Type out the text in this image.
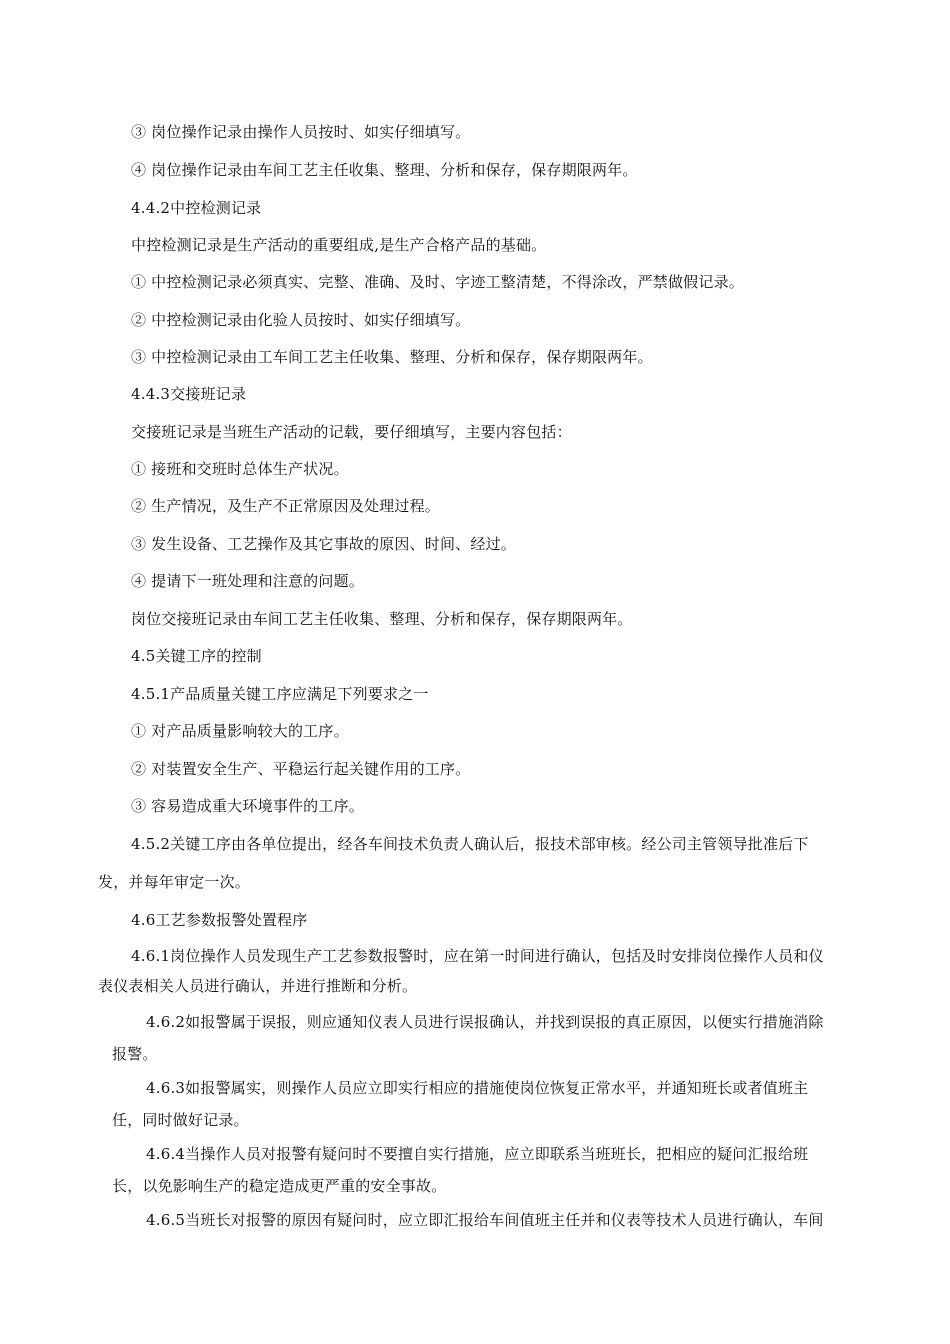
③ 岗位操作记录由操作人员按时、如实仔细填写。
④ 岗位操作记录由车间工艺主任收集、整理、分析和保存，保存期限两年。
4.4.2中控检测记录
中控检测记录是生产活动的重要组成,是生产合格产品的基础。
① 中控检测记录必须真实、完整、准确、及时、字迹工整清楚，不得涂改，严禁做假记录。
② 中控检测记录由化验人员按时、如实仔细填写。
③ 中控检测记录由工车间工艺主任收集、整理、分析和保存，保存期限两年。
4.4.3交接班记录
交接班记录是当班生产活动的记载，要仔细填写，主要内容包括：
① 接班和交班时总体生产状况。
② 生产情况，及生产不正常原因及处理过程。
③ 发生设备、工艺操作及其它事故的原因、时间、经过。
④ 提请下一班处理和注意的问题。
岗位交接班记录由车间工艺主任收集、整理、分析和保存，保存期限两年。
4.5关键工序的控制
4.5.1产品质量关键工序应满足下列要求之一
① 对产品质量影响较大的工序。
② 对装置安全生产、平稳运行起关键作用的工序。
③ 容易造成重大环境事件的工序。
4.5.2关键工序由各单位提出，经各车间技术负责人确认后，报技术部审核。经公司主管领导批准后下
发，并每年审定一次。
4.6工艺参数报警处置程序
4.6.1岗位操作人员发现生产工艺参数报警时，应在第一时间进行确认，包括及时安排岗位操作人员和仪
表仪表相关人员进行确认，并进行推断和分析。
4.6.2如报警属于误报，则应通知仪表人员进行误报确认，并找到误报的真正原因，以便实行措施消除
报警。
4.6.3如报警属实，则操作人员应立即实行相应的措施使岗位恢复正常水平，并通知班长或者值班主
任，同时做好记录。
4.6.4当操作人员对报警有疑问时不要擅自实行措施，应立即联系当班班长，把相应的疑问汇报给班
长，以免影响生产的稳定造成更严重的安全事故。
4.6.5当班长对报警的原因有疑问时，应立即汇报给车间值班主任并和仪表等技术人员进行确认，车间
